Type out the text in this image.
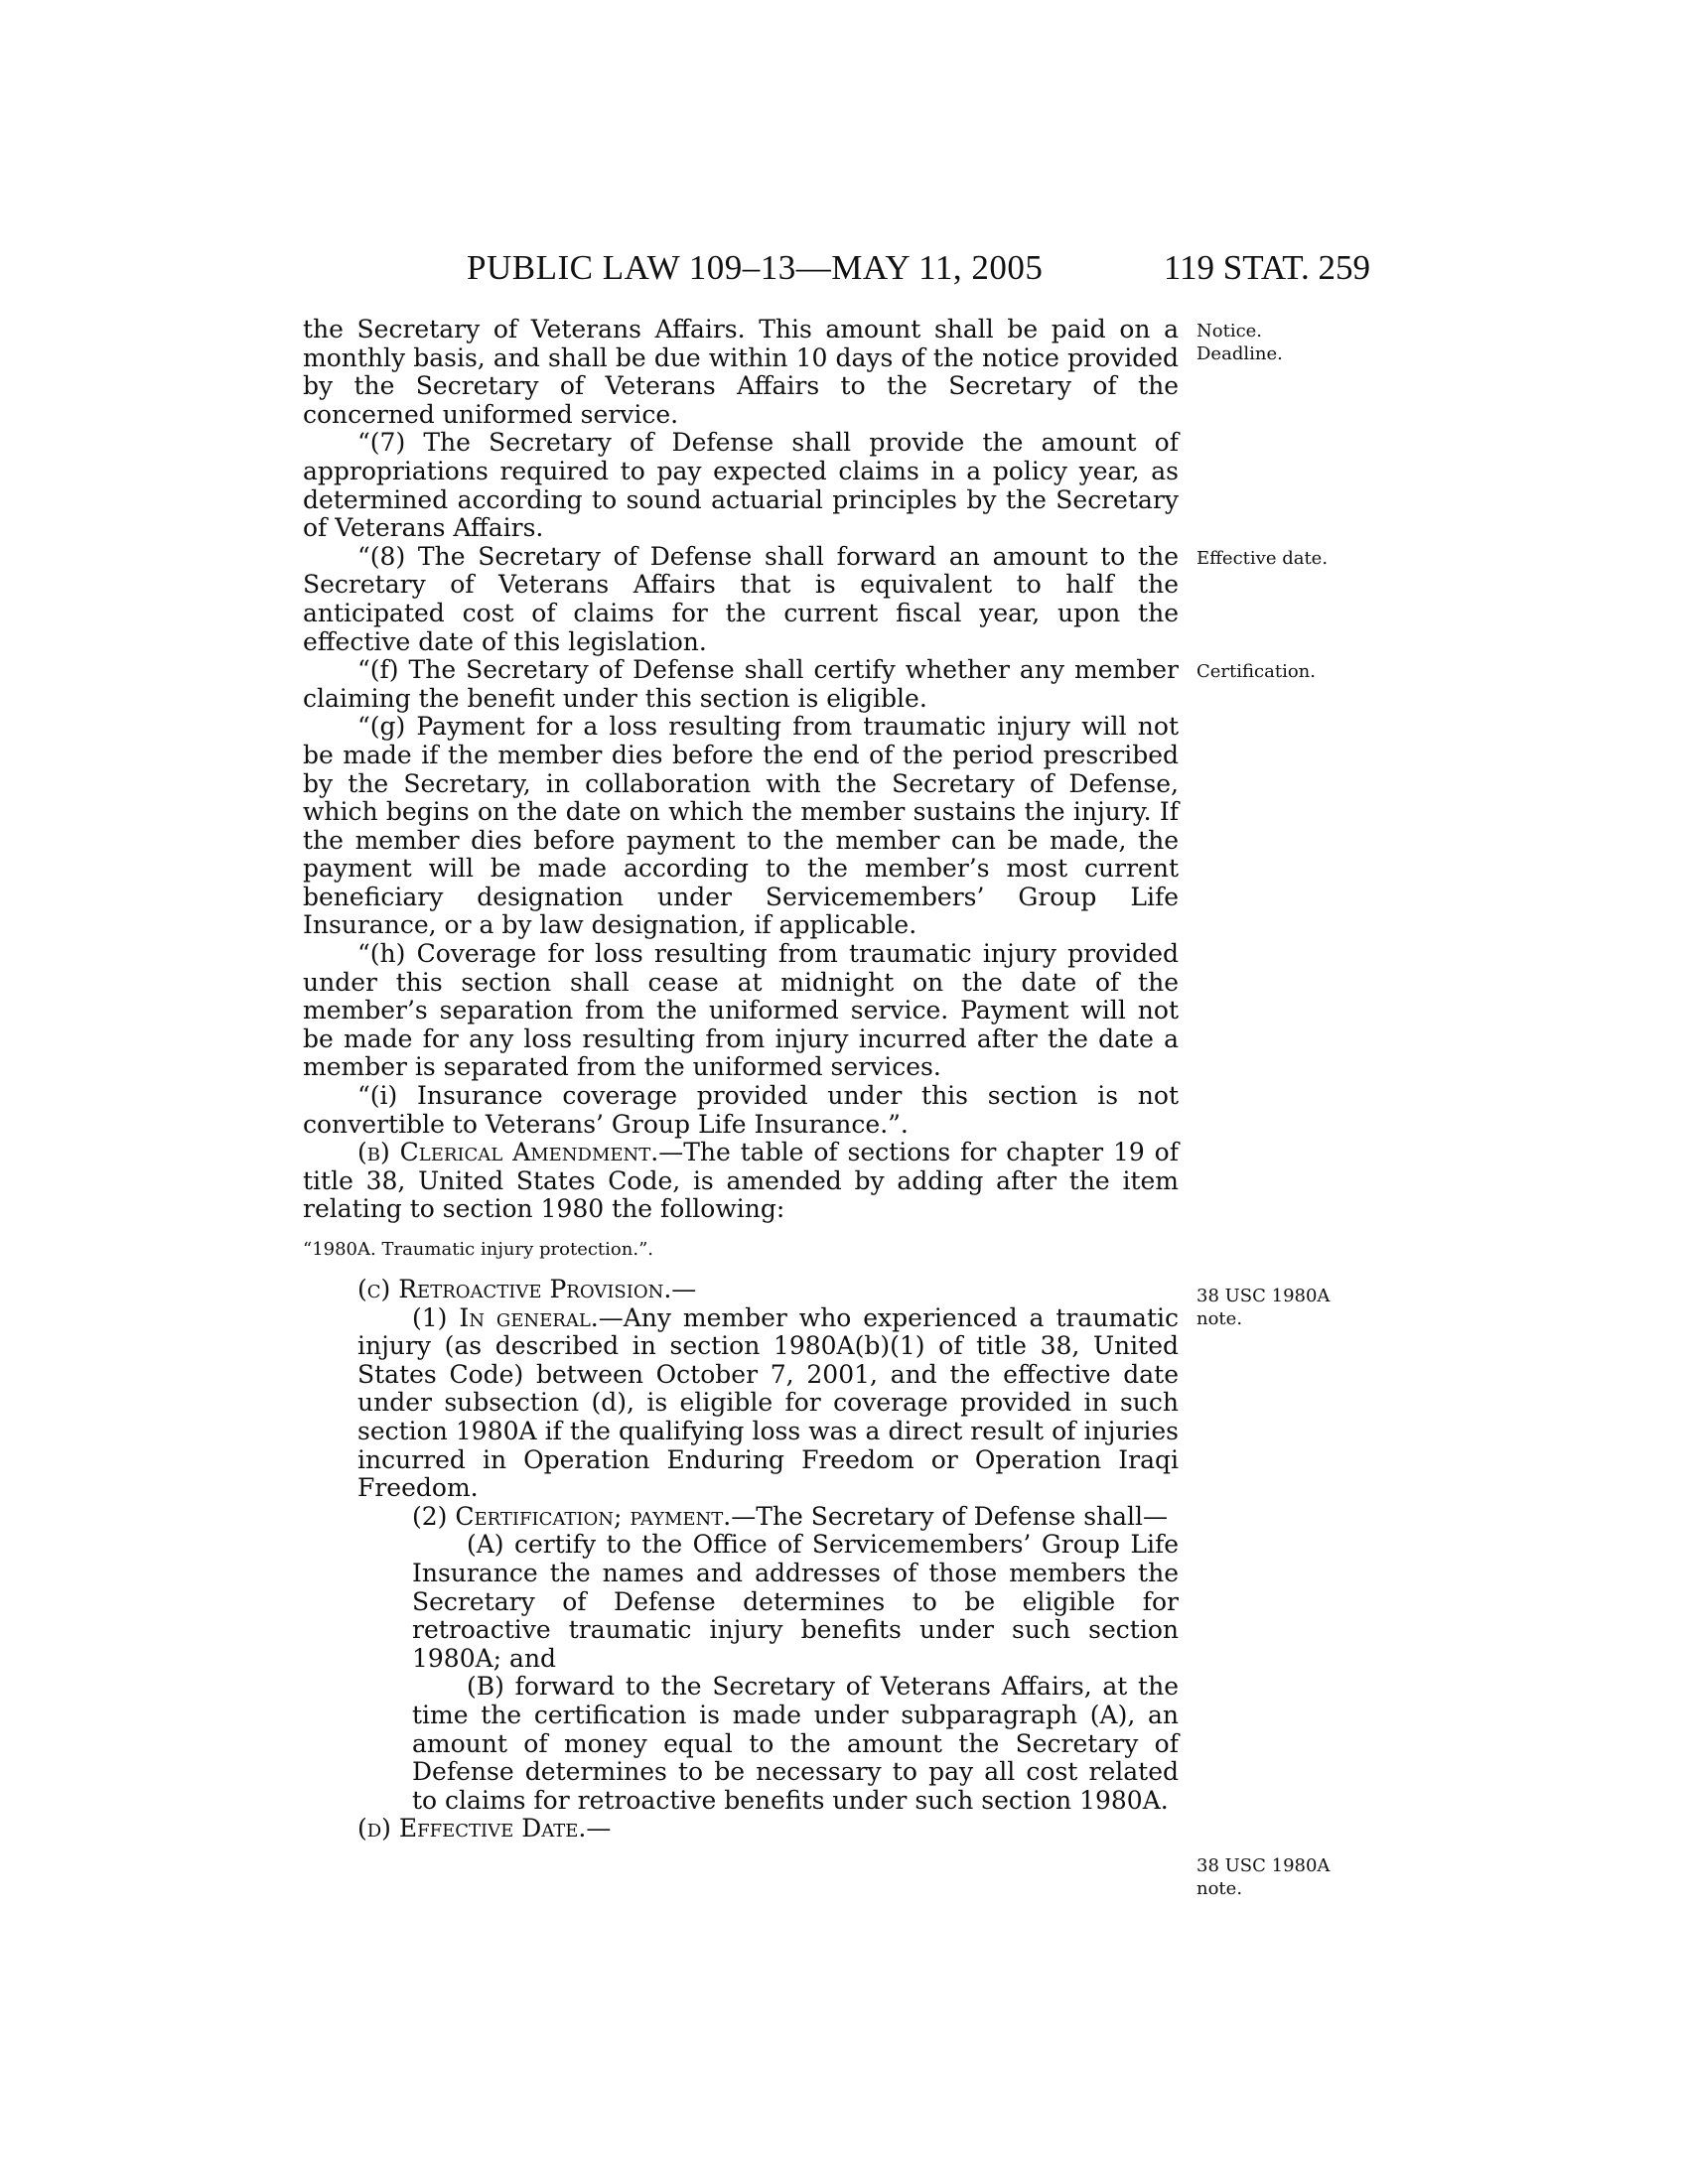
PUBLIC LAW 109–13—MAY 11, 2005	119 STAT. 259

the Secretary of Veterans Affairs. This amount shall be paid on a monthly basis, and shall be due within 10 days of the notice provided by the Secretary of Veterans Affairs to the Secretary of the concerned uniformed service.

“(7) The Secretary of Defense shall provide the amount of appropriations required to pay expected claims in a policy year, as determined according to sound actuarial principles by the Secretary of Veterans Affairs.

“(8) The Secretary of Defense shall forward an amount to the Secretary of Veterans Affairs that is equivalent to half the anticipated cost of claims for the current fiscal year, upon the effective date of this legislation.

“(f) The Secretary of Defense shall certify whether any member claiming the benefit under this section is eligible.

“(g) Payment for a loss resulting from traumatic injury will not be made if the member dies before the end of the period prescribed by the Secretary, in collaboration with the Secretary of Defense, which begins on the date on which the member sustains the injury. If the member dies before payment to the member can be made, the payment will be made according to the member’s most current beneficiary designation under Servicemembers’ Group Life Insurance, or a by law designation, if applicable.

“(h) Coverage for loss resulting from traumatic injury provided under this section shall cease at midnight on the date of the member’s separation from the uniformed service. Payment will not be made for any loss resulting from injury incurred after the date a member is separated from the uniformed services.

“(i) Insurance coverage provided under this section is not convertible to Veterans’ Group Life Insurance.”.

(b) Clerical Amendment.—The table of sections for chapter 19 of title 38, United States Code, is amended by adding after the item relating to section 1980 the following:

“1980A. Traumatic injury protection.”.

(c) Retroactive Provision.—

(1) In general.—Any member who experienced a traumatic injury (as described in section 1980A(b)(1) of title 38, United States Code) between October 7, 2001, and the effective date under subsection (d), is eligible for coverage provided in such section 1980A if the qualifying loss was a direct result of injuries incurred in Operation Enduring Freedom or Operation Iraqi Freedom.

(2) Certification; payment.—The Secretary of Defense shall—

(A) certify to the Office of Servicemembers’ Group Life Insurance the names and addresses of those members the Secretary of Defense determines to be eligible for retroactive traumatic injury benefits under such section 1980A; and

(B) forward to the Secretary of Veterans Affairs, at the time the certification is made under subparagraph (A), an amount of money equal to the amount the Secretary of Defense determines to be necessary to pay all cost related to claims for retroactive benefits under such section 1980A.

(d) Effective Date.—

Notice.
Deadline.
Effective date.
Certification.
38 USC 1980A
note.
38 USC 1980A
note.
